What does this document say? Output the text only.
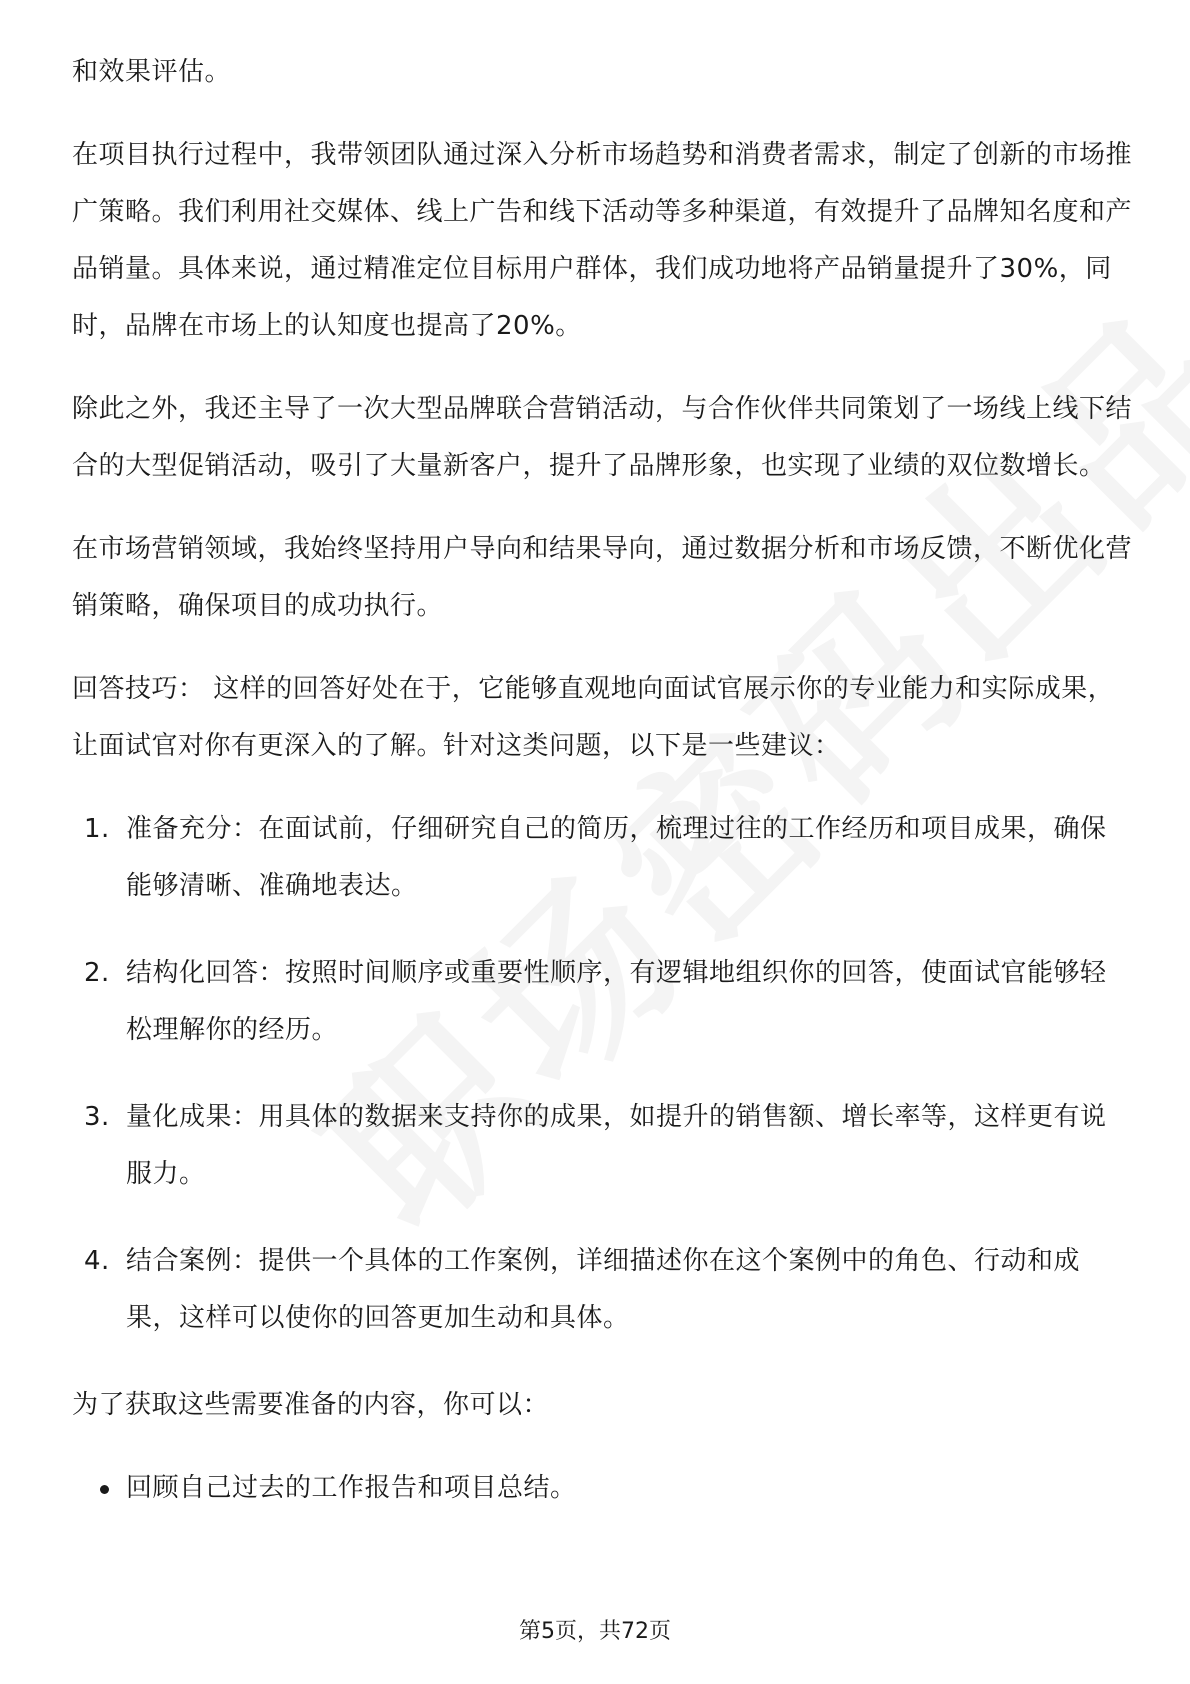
和效果评估。

在项目执行过程中，我带领团队通过深入分析市场趋势和消费者需求，制定了创新的市场推广策略。我们利用社交媒体、线上广告和线下活动等多种渠道，有效提升了品牌知名度和产品销量。具体来说，通过精准定位目标用户群体，我们成功地将产品销量提升了30%，同时，品牌在市场上的认知度也提高了20%。

除此之外，我还主导了一次大型品牌联合营销活动，与合作伙伴共同策划了一场线上线下结合的大型促销活动，吸引了大量新客户，提升了品牌形象，也实现了业绩的双位数增长。

在市场营销领域，我始终坚持用户导向和结果导向，通过数据分析和市场反馈，不断优化营销策略，确保项目的成功执行。

回答技巧： 这样的回答好处在于，它能够直观地向面试官展示你的专业能力和实际成果，让面试官对你有更深入的了解。针对这类问题，以下是一些建议：

1. 准备充分：在面试前，仔细研究自己的简历，梳理过往的工作经历和项目成果，确保能够清晰、准确地表达。
2. 结构化回答：按照时间顺序或重要性顺序，有逻辑地组织你的回答，使面试官能够轻松理解你的经历。
3. 量化成果：用具体的数据来支持你的成果，如提升的销售额、增长率等，这样更有说服力。
4. 结合案例：提供一个具体的工作案例，详细描述你在这个案例中的角色、行动和成果，这样可以使你的回答更加生动和具体。

为了获取这些需要准备的内容，你可以：

回顾自己过去的工作报告和项目总结。
第5页，共72页
